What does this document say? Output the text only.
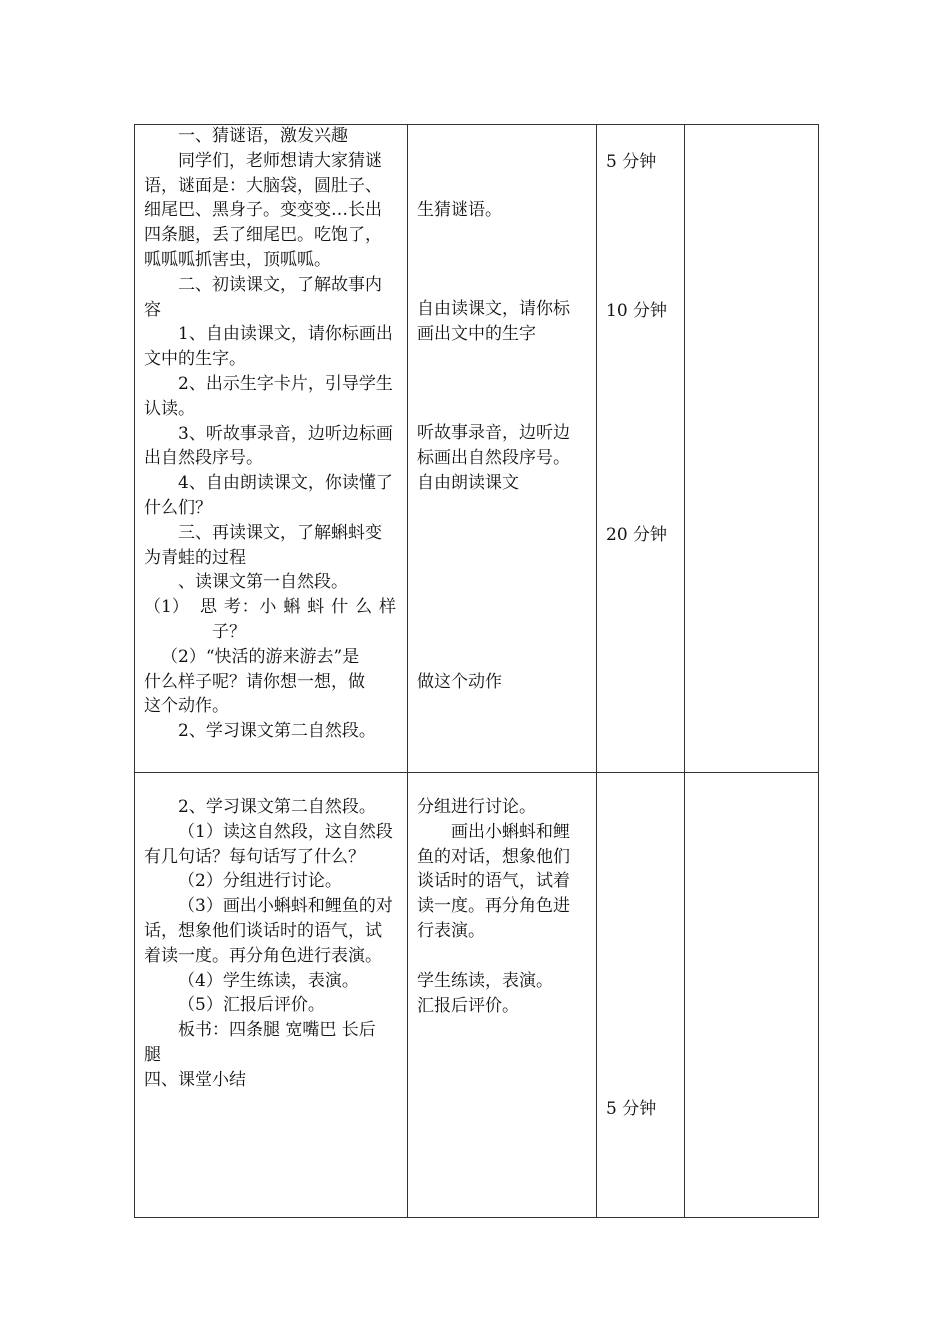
一、猜谜语，激发兴趣
同学们，老师想请大家猜谜
语，谜面是：大脑袋，圆肚子、
细尾巴、黑身子。变变变…长出
四条腿，丢了细尾巴。吃饱了，
呱呱呱抓害虫，顶呱呱。
二、初读课文，了解故事内
容
1、自由读课文，请你标画出
文中的生字。
2、出示生字卡片，引导学生
认读。
3、听故事录音，边听边标画
出自然段序号。
4、自由朗读课文，你读懂了
什么们？
三、再读课文，了解蝌蚪变
为青蛙的过程
、读课文第一自然段。
（1） 思 考：小 蝌 蚪 什 么 样
子？
（2）“快活的游来游去”是
什么样子呢？请你想一想，做
这个动作。
2、学习课文第二自然段。
生猜谜语。
自由读课文，请你标
画出文中的生字
听故事录音，边听边
标画出自然段序号。
自由朗读课文
做这个动作
5 分钟
10 分钟
20 分钟
2、学习课文第二自然段。
（1）读这自然段，这自然段
有几句话？每句话写了什么？
（2）分组进行讨论。
（3）画出小蝌蚪和鲤鱼的对
话，想象他们谈话时的语气，试
着读一度。再分角色进行表演。
（4）学生练读，表演。
（5）汇报后评价。
板书：四条腿 宽嘴巴 长后
腿
四、课堂小结
分组进行讨论。
画出小蝌蚪和鲤
鱼的对话，想象他们
谈话时的语气，试着
读一度。再分角色进
行表演。
学生练读，表演。
汇报后评价。
5 分钟
